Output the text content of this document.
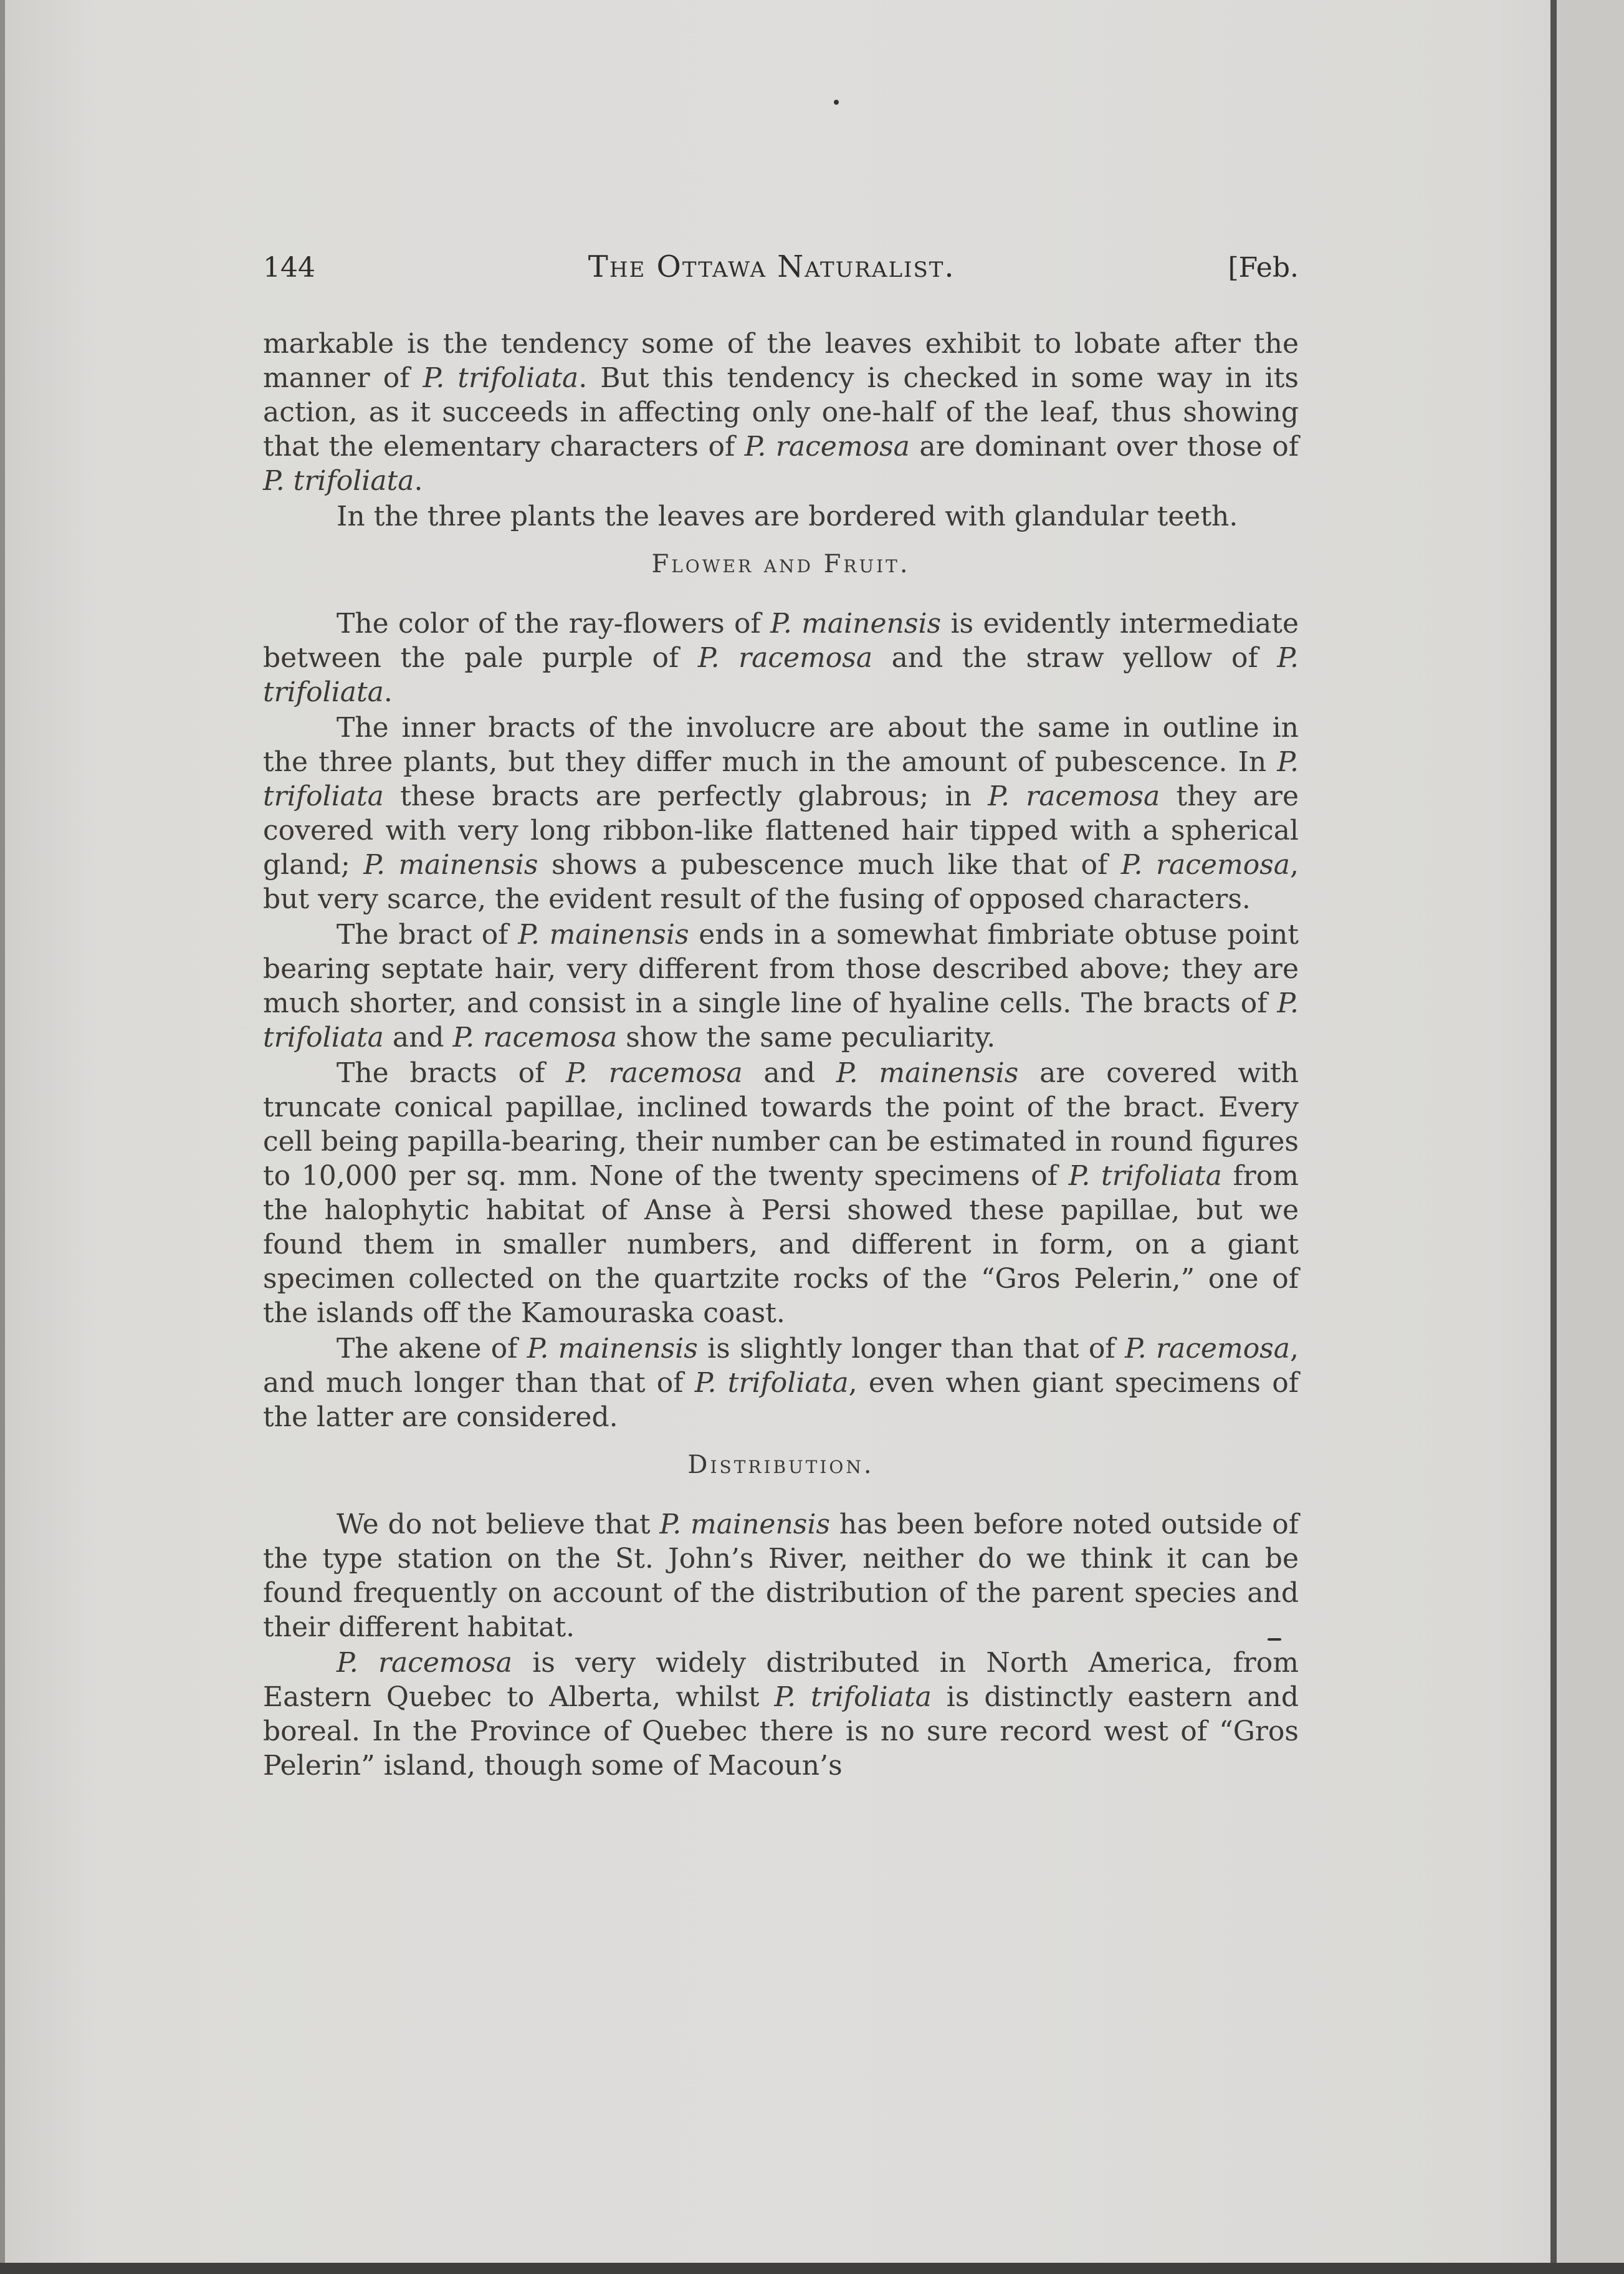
144	The Ottawa Naturalist.	[Feb.

markable is the tendency some of the leaves exhibit to lobate after the manner of P. trifoliata. But this tendency is checked in some way in its action, as it succeeds in affecting only one-half of the leaf, thus showing that the elementary characters of P. racemosa are dominant over those of P. trifoliata.

In the three plants the leaves are bordered with glandular teeth.

Flower and Fruit.

The color of the ray-flowers of P. mainensis is evidently intermediate between the pale purple of P. racemosa and the straw yellow of P. trifoliata.

The inner bracts of the involucre are about the same in outline in the three plants, but they differ much in the amount of pubescence. In P. trifoliata these bracts are perfectly glabrous; in P. racemosa they are covered with very long ribbon-like flattened hair tipped with a spherical gland; P. mainensis shows a pubescence much like that of P. racemosa, but very scarce, the evident result of the fusing of opposed characters.

The bract of P. mainensis ends in a somewhat fimbriate obtuse point bearing septate hair, very different from those described above; they are much shorter, and consist in a single line of hyaline cells. The bracts of P. trifoliata and P. racemosa show the same peculiarity.

The bracts of P. racemosa and P. mainensis are covered with truncate conical papillae, inclined towards the point of the bract. Every cell being papilla-bearing, their number can be estimated in round figures to 10,000 per sq. mm. None of the twenty specimens of P. trifoliata from the halophytic habitat of Anse à Persi showed these papillae, but we found them in smaller numbers, and different in form, on a giant specimen collected on the quartzite rocks of the “Gros Pelerin,” one of the islands off the Kamouraska coast.

The akene of P. mainensis is slightly longer than that of P. racemosa, and much longer than that of P. trifoliata, even when giant specimens of the latter are considered.

Distribution.

We do not believe that P. mainensis has been before noted outside of the type station on the St. John’s River, neither do we think it can be found frequently on account of the distribution of the parent species and their different habitat.

P. racemosa is very widely distributed in North America, from Eastern Quebec to Alberta, whilst P. trifoliata is distinctly eastern and boreal. In the Province of Quebec there is no sure record west of “Gros Pelerin” island, though some of Macoun’s
